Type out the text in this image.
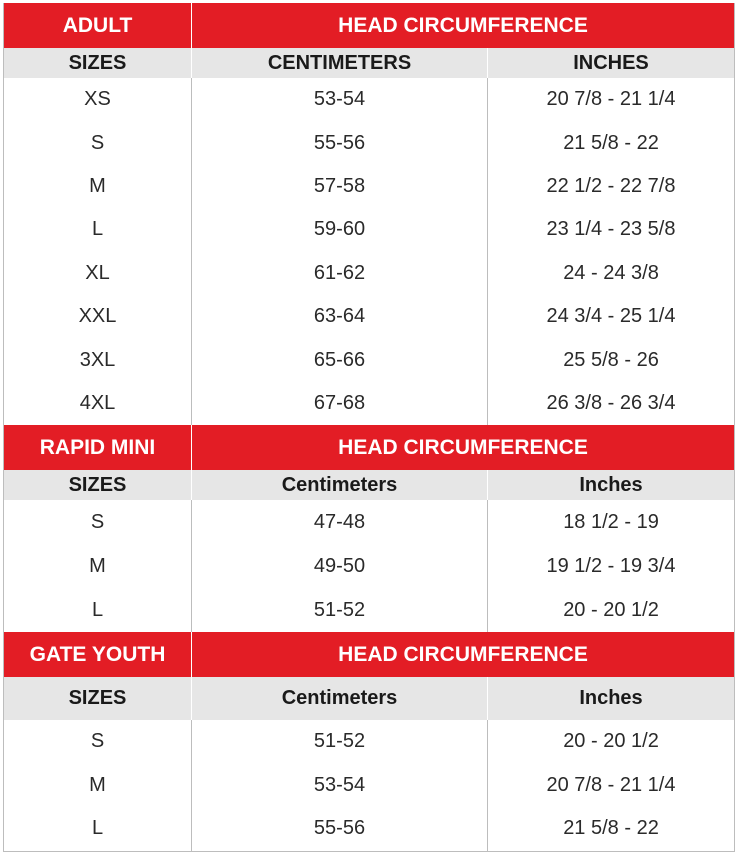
ADULT	HEAD CIRCUMFERENCE
SIZES	CENTIMETERS	INCHES
XS	53-54	20 7/8 - 21 1/4
S	55-56	21 5/8 - 22
M	57-58	22 1/2 - 22 7/8
L	59-60	23 1/4 - 23 5/8
XL	61-62	24 - 24 3/8
XXL	63-64	24 3/4 - 25 1/4
3XL	65-66	25 5/8 - 26
4XL	67-68	26 3/8 - 26 3/4
RAPID MINI	HEAD CIRCUMFERENCE
SIZES	Centimeters	Inches
S	47-48	18 1/2 - 19
M	49-50	19 1/2 - 19 3/4
L	51-52	20 - 20 1/2
GATE YOUTH	HEAD CIRCUMFERENCE
SIZES	Centimeters	Inches
S	51-52	20 - 20 1/2
M	53-54	20 7/8 - 21 1/4
L	55-56	21 5/8 - 22
